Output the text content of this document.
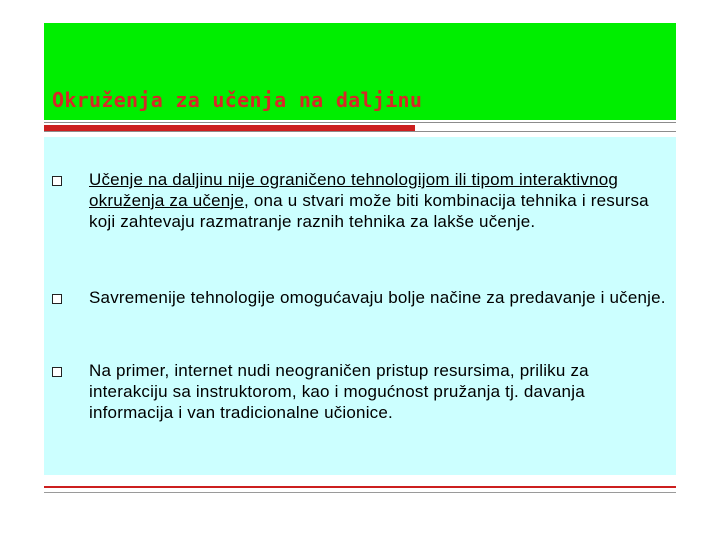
Okruženja za učenja na daljinu
Učenje na daljinu nije ograničeno tehnologijom ili tipom interaktivnog okruženja za učenje, ona u stvari može biti kombinacija tehnika i resursa koji zahtevaju razmatranje raznih tehnika za lakše učenje.
Savremenije tehnologije omogućavaju bolje načine za predavanje i učenje.
Na primer, internet nudi neograničen pristup resursima, priliku za interakciju sa instruktorom, kao i mogućnost pružanja tj. davanja informacija i van tradicionalne učionice.
